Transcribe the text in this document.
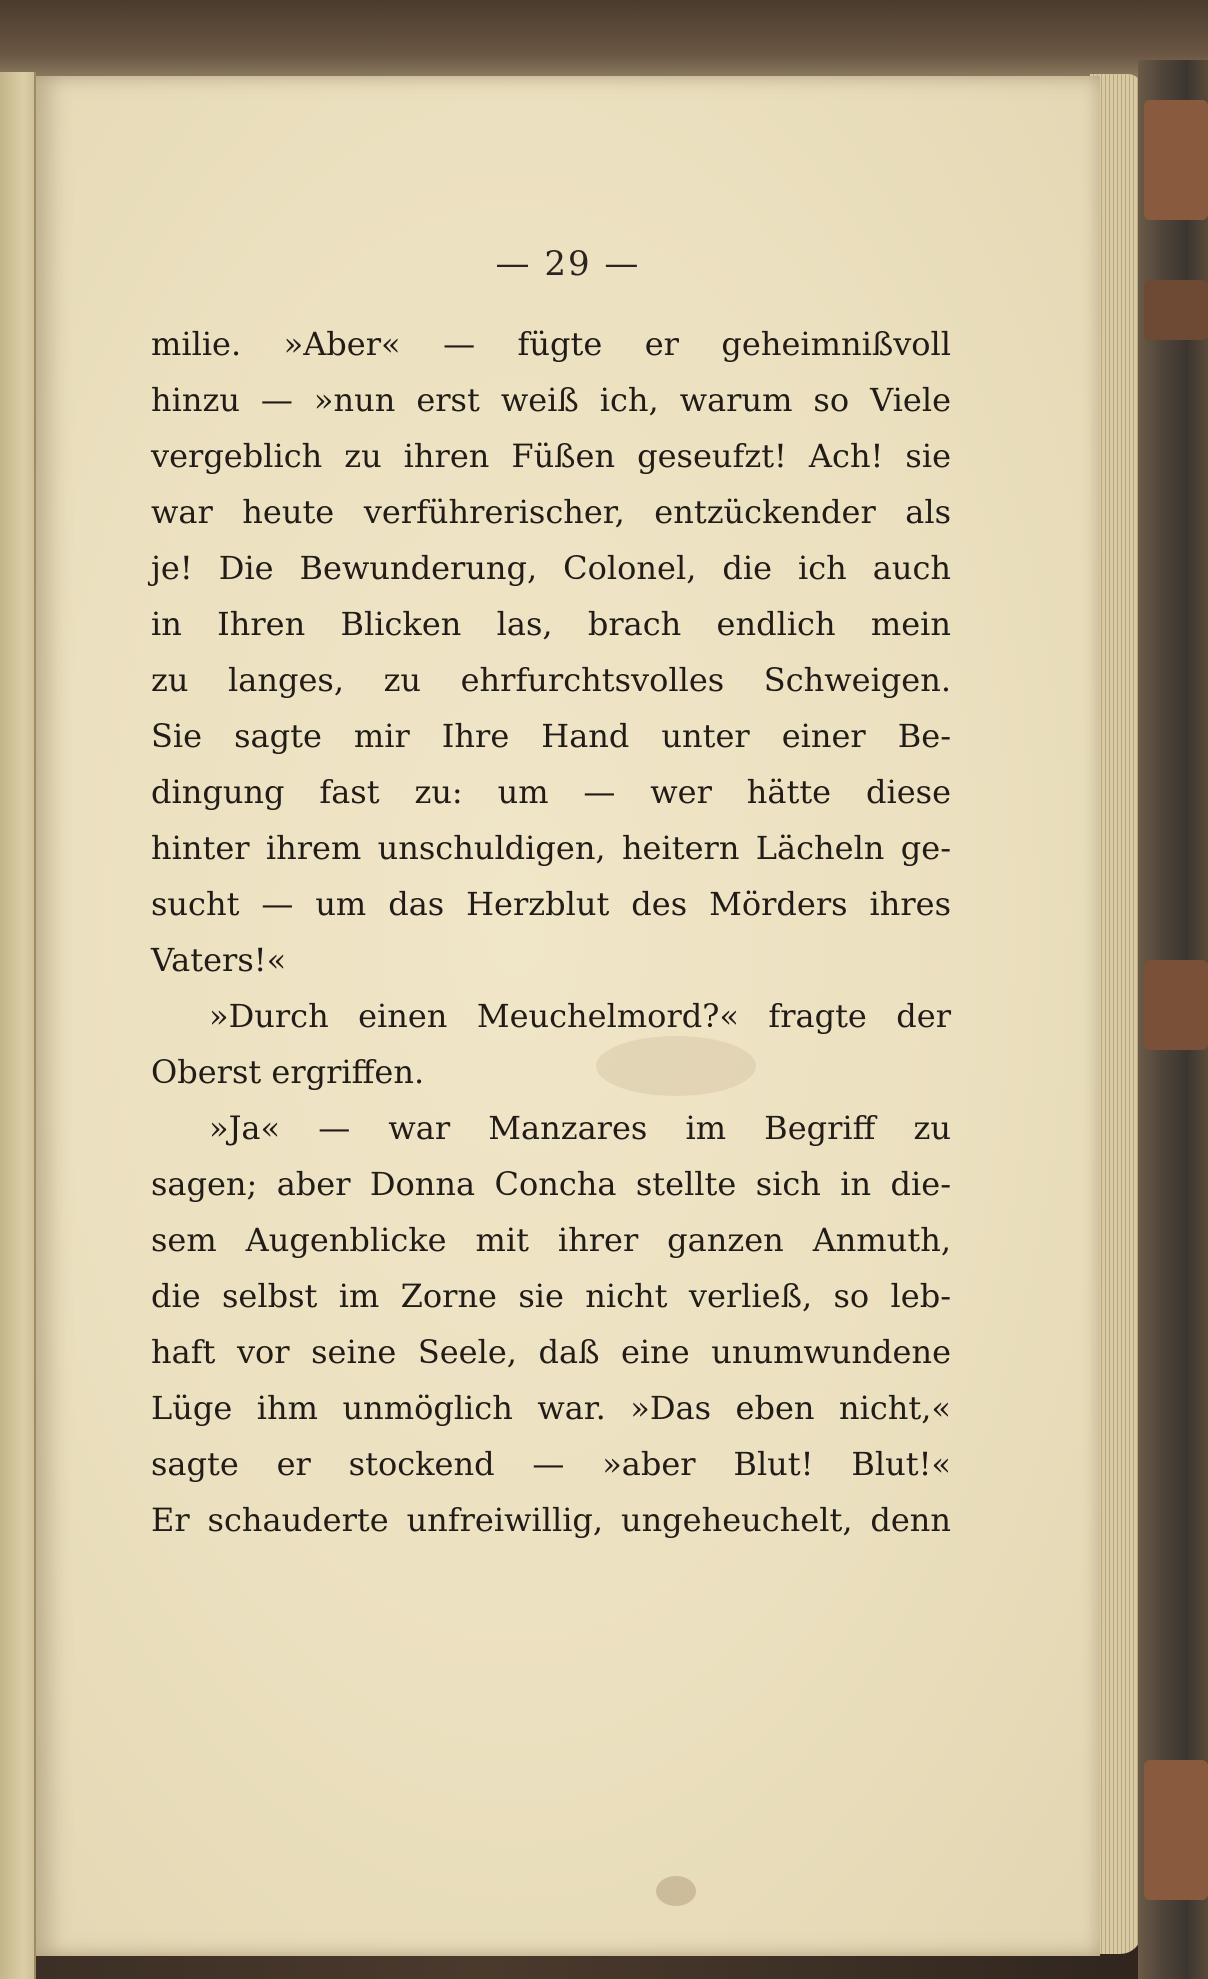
— 29 —
milie. »Aber« — fügte er geheimnißvoll
hinzu — »nun erst weiß ich, warum so Viele
vergeblich zu ihren Füßen geseufzt! Ach! sie
war heute verführerischer, entzückender als
je! Die Bewunderung, Colonel, die ich auch
in Ihren Blicken las, brach endlich mein
zu langes, zu ehrfurchtsvolles Schweigen.
Sie sagte mir Ihre Hand unter einer Be-
dingung fast zu: um — wer hätte diese
hinter ihrem unschuldigen, heitern Lächeln ge-
sucht — um das Herzblut des Mörders ihres
Vaters!«
»Durch einen Meuchelmord?« fragte der
Oberst ergriffen.
»Ja« — war Manzares im Begriff zu
sagen; aber Donna Concha stellte sich in die-
sem Augenblicke mit ihrer ganzen Anmuth,
die selbst im Zorne sie nicht verließ, so leb-
haft vor seine Seele, daß eine unumwundene
Lüge ihm unmöglich war. »Das eben nicht,«
sagte er stockend — »aber Blut! Blut!«
Er schauderte unfreiwillig, ungeheuchelt, denn
